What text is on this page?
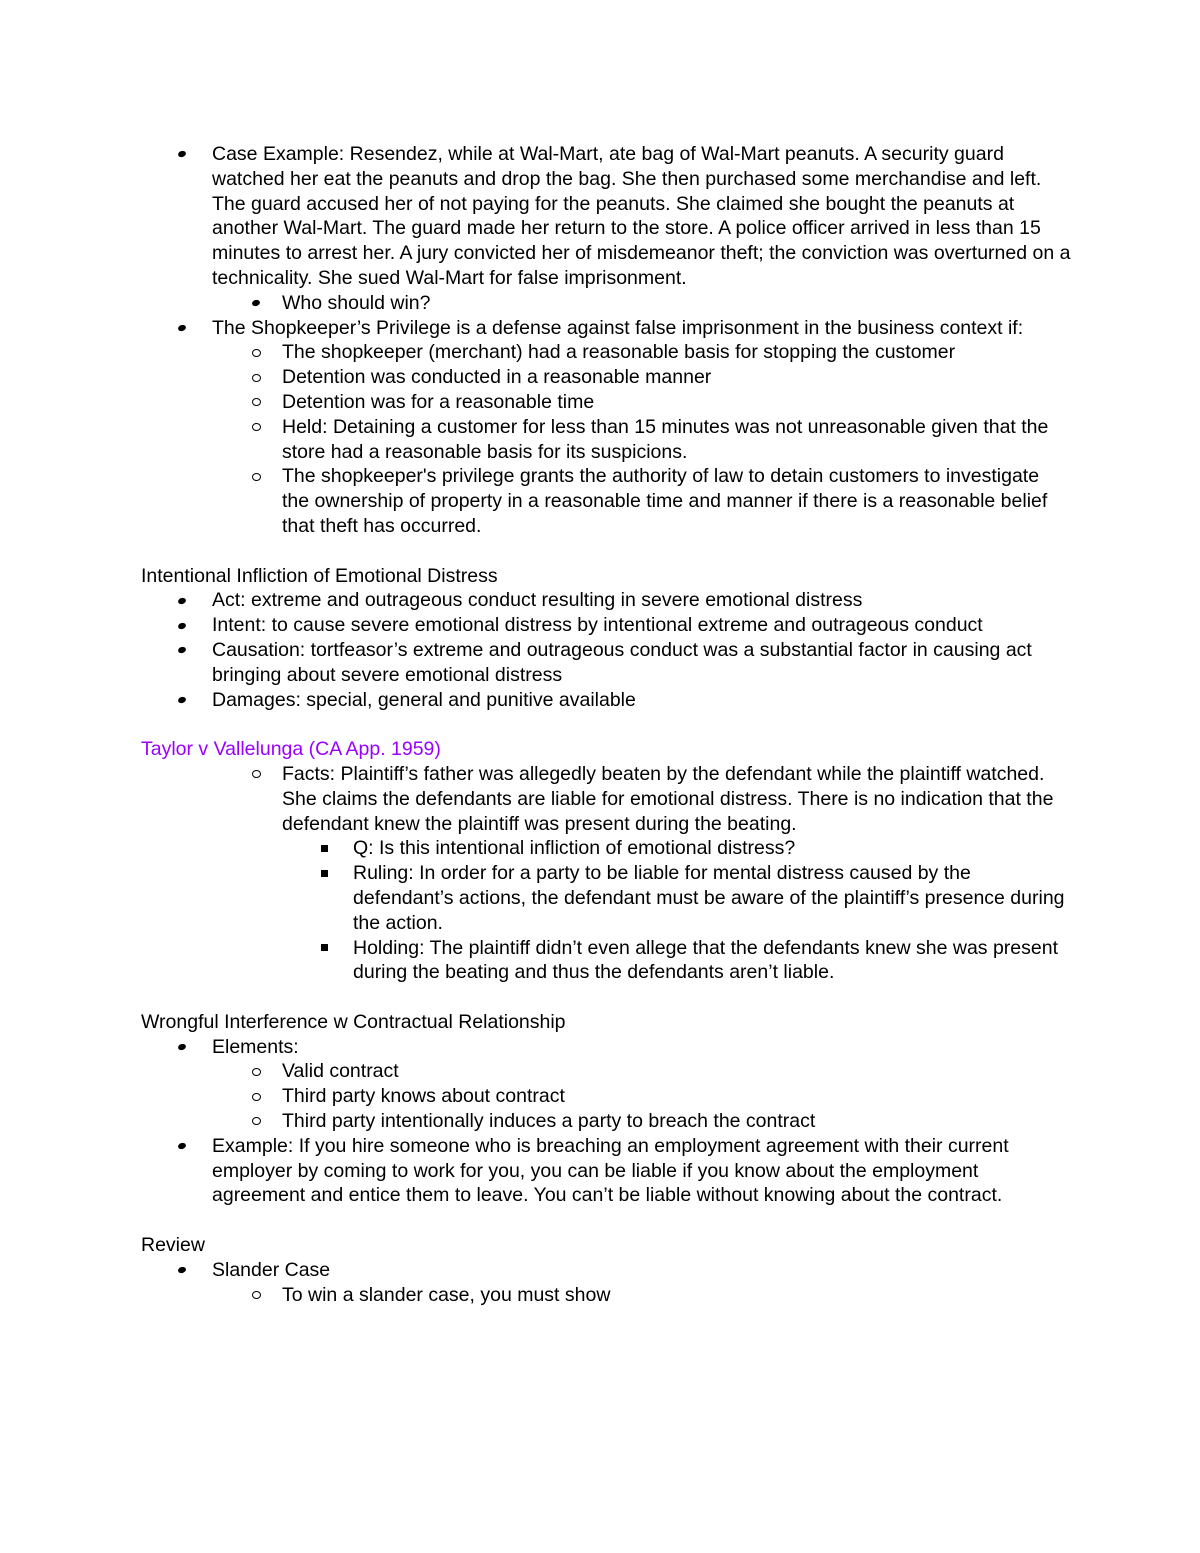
Case Example: Resendez, while at Wal-Mart, ate bag of Wal-Mart peanuts. A security guard watched her eat the peanuts and drop the bag. She then purchased some merchandise and left. The guard accused her of not paying for the peanuts. She claimed she bought the peanuts at another Wal-Mart. The guard made her return to the store. A police officer arrived in less than 15 minutes to arrest her. A jury convicted her of misdemeanor theft; the conviction was overturned on a technicality. She sued Wal-Mart for false imprisonment.
Who should win?
The Shopkeeper’s Privilege is a defense against false imprisonment in the business context if:
The shopkeeper (merchant) had a reasonable basis for stopping the customer
Detention was conducted in a reasonable manner
Detention was for a reasonable time
Held: Detaining a customer for less than 15 minutes was not unreasonable given that the store had a reasonable basis for its suspicions.
The shopkeeper's privilege grants the authority of law to detain customers to investigate the ownership of property in a reasonable time and manner if there is a reasonable belief that theft has occurred.

Intentional Infliction of Emotional Distress

Act: extreme and outrageous conduct resulting in severe emotional distress
Intent: to cause severe emotional distress by intentional extreme and outrageous conduct
Causation: tortfeasor’s extreme and outrageous conduct was a substantial factor in causing act bringing about severe emotional distress
Damages: special, general and punitive available

Taylor v Vallelunga (CA App. 1959)

Facts: Plaintiff’s father was allegedly beaten by the defendant while the plaintiff watched. She claims the defendants are liable for emotional distress. There is no indication that the defendant knew the plaintiff was present during the beating.
Q: Is this intentional infliction of emotional distress?
Ruling: In order for a party to be liable for mental distress caused by the defendant’s actions, the defendant must be aware of the plaintiff’s presence during the action.
Holding: The plaintiff didn’t even allege that the defendants knew she was present during the beating and thus the defendants aren’t liable.

Wrongful Interference w Contractual Relationship

Elements:
Valid contract
Third party knows about contract
Third party intentionally induces a party to breach the contract
Example: If you hire someone who is breaching an employment agreement with their current employer by coming to work for you, you can be liable if you know about the employment agreement and entice them to leave. You can’t be liable without knowing about the contract.

Review

Slander Case
To win a slander case, you must show
